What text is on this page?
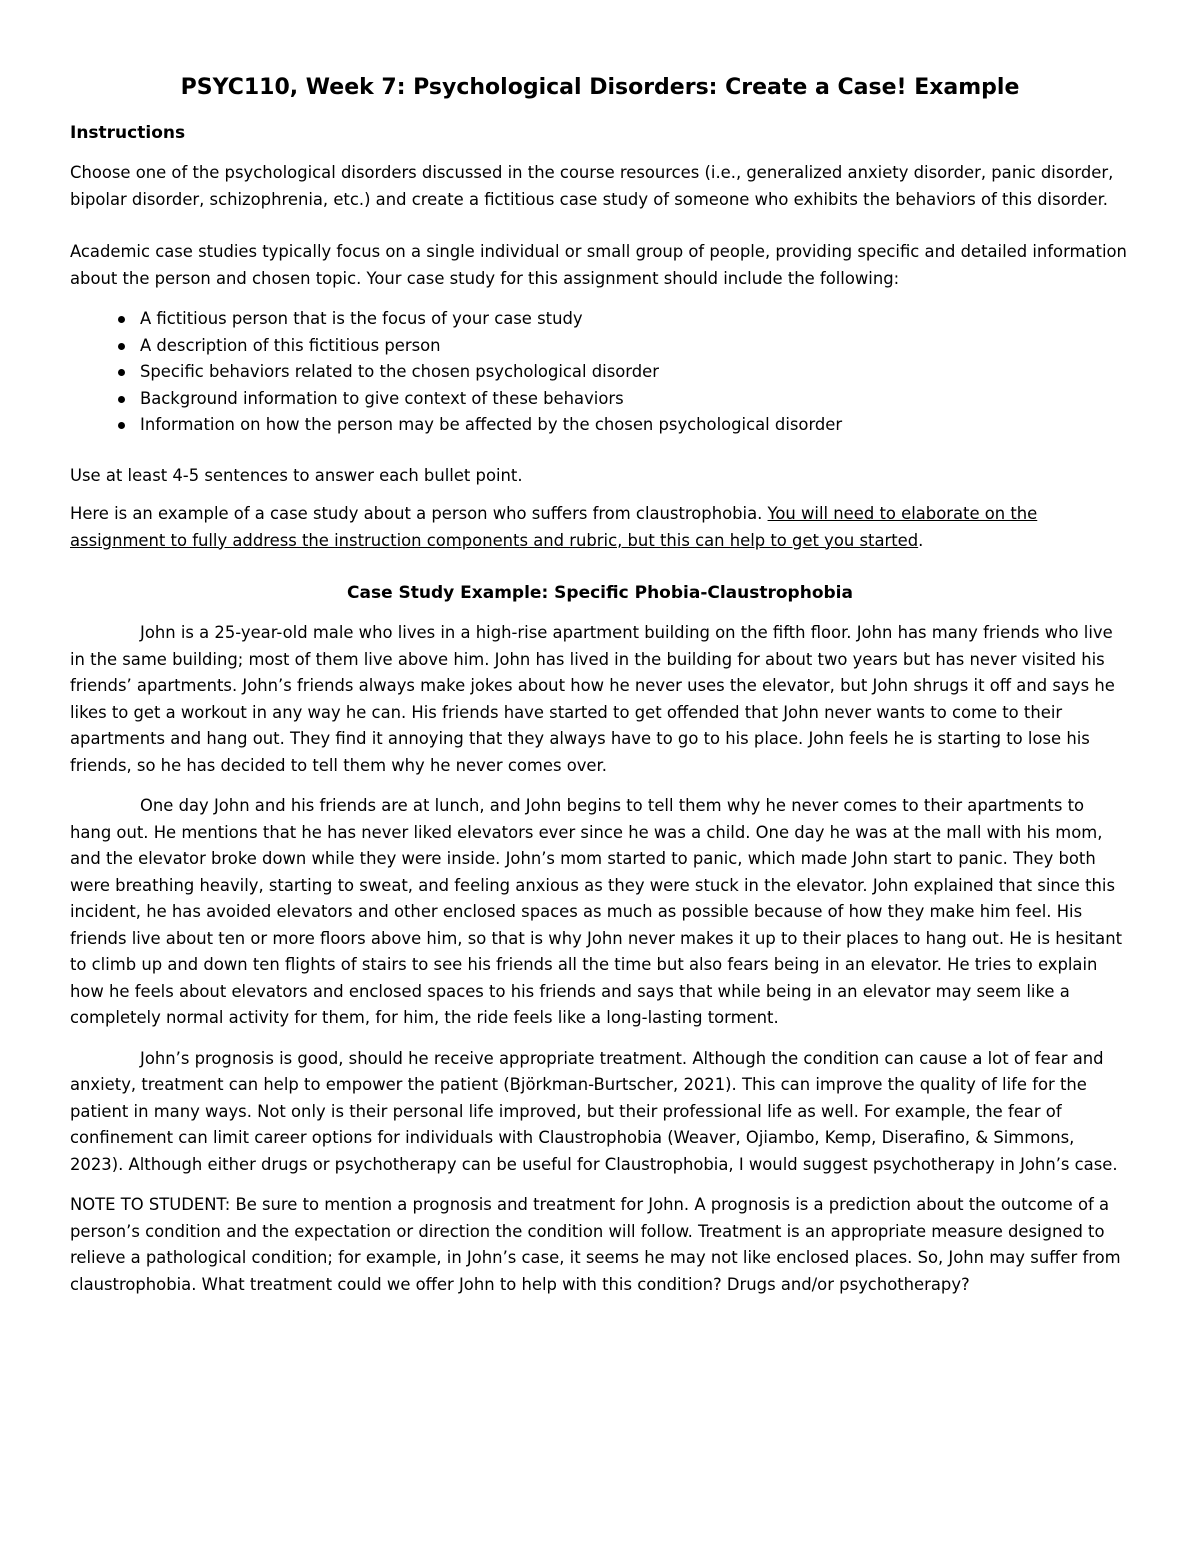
PSYC110, Week 7: Psychological Disorders: Create a Case! Example
Instructions

Choose one of the psychological disorders discussed in the course resources (i.e., generalized anxiety disorder, panic disorder, bipolar disorder, schizophrenia, etc.) and create a fictitious case study of someone who exhibits the behaviors of this disorder.

Academic case studies typically focus on a single individual or small group of people, providing specific and detailed information about the person and chosen topic. Your case study for this assignment should include the following:

A fictitious person that is the focus of your case study
A description of this fictitious person
Specific behaviors related to the chosen psychological disorder
Background information to give context of these behaviors
Information on how the person may be affected by the chosen psychological disorder

Use at least 4-5 sentences to answer each bullet point.

Here is an example of a case study about a person who suffers from claustrophobia. You will need to elaborate on the assignment to fully address the instruction components and rubric, but this can help to get you started.

Case Study Example: Specific Phobia-Claustrophobia

John is a 25-year-old male who lives in a high-rise apartment building on the fifth floor. John has many friends who live in the same building; most of them live above him. John has lived in the building for about two years but has never visited his friends’ apartments. John’s friends always make jokes about how he never uses the elevator, but John shrugs it off and says he likes to get a workout in any way he can. His friends have started to get offended that John never wants to come to their apartments and hang out. They find it annoying that they always have to go to his place. John feels he is starting to lose his friends, so he has decided to tell them why he never comes over.

One day John and his friends are at lunch, and John begins to tell them why he never comes to their apartments to hang out. He mentions that he has never liked elevators ever since he was a child. One day he was at the mall with his mom, and the elevator broke down while they were inside. John’s mom started to panic, which made John start to panic. They both were breathing heavily, starting to sweat, and feeling anxious as they were stuck in the elevator. John explained that since this incident, he has avoided elevators and other enclosed spaces as much as possible because of how they make him feel. His friends live about ten or more floors above him, so that is why John never makes it up to their places to hang out. He is hesitant to climb up and down ten flights of stairs to see his friends all the time but also fears being in an elevator. He tries to explain how he feels about elevators and enclosed spaces to his friends and says that while being in an elevator may seem like a completely normal activity for them, for him, the ride feels like a long-lasting torment.

John’s prognosis is good, should he receive appropriate treatment. Although the condition can cause a lot of fear and anxiety, treatment can help to empower the patient (Björkman-Burtscher, 2021). This can improve the quality of life for the patient in many ways. Not only is their personal life improved, but their professional life as well. For example, the fear of confinement can limit career options for individuals with Claustrophobia (Weaver, Ojiambo, Kemp, Diserafino, & Simmons, 2023). Although either drugs or psychotherapy can be useful for Claustrophobia, I would suggest psychotherapy in John’s case.

NOTE TO STUDENT: Be sure to mention a prognosis and treatment for John. A prognosis is a prediction about the outcome of a person’s condition and the expectation or direction the condition will follow. Treatment is an appropriate measure designed to relieve a pathological condition; for example, in John’s case, it seems he may not like enclosed places. So, John may suffer from claustrophobia. What treatment could we offer John to help with this condition? Drugs and/or psychotherapy?
